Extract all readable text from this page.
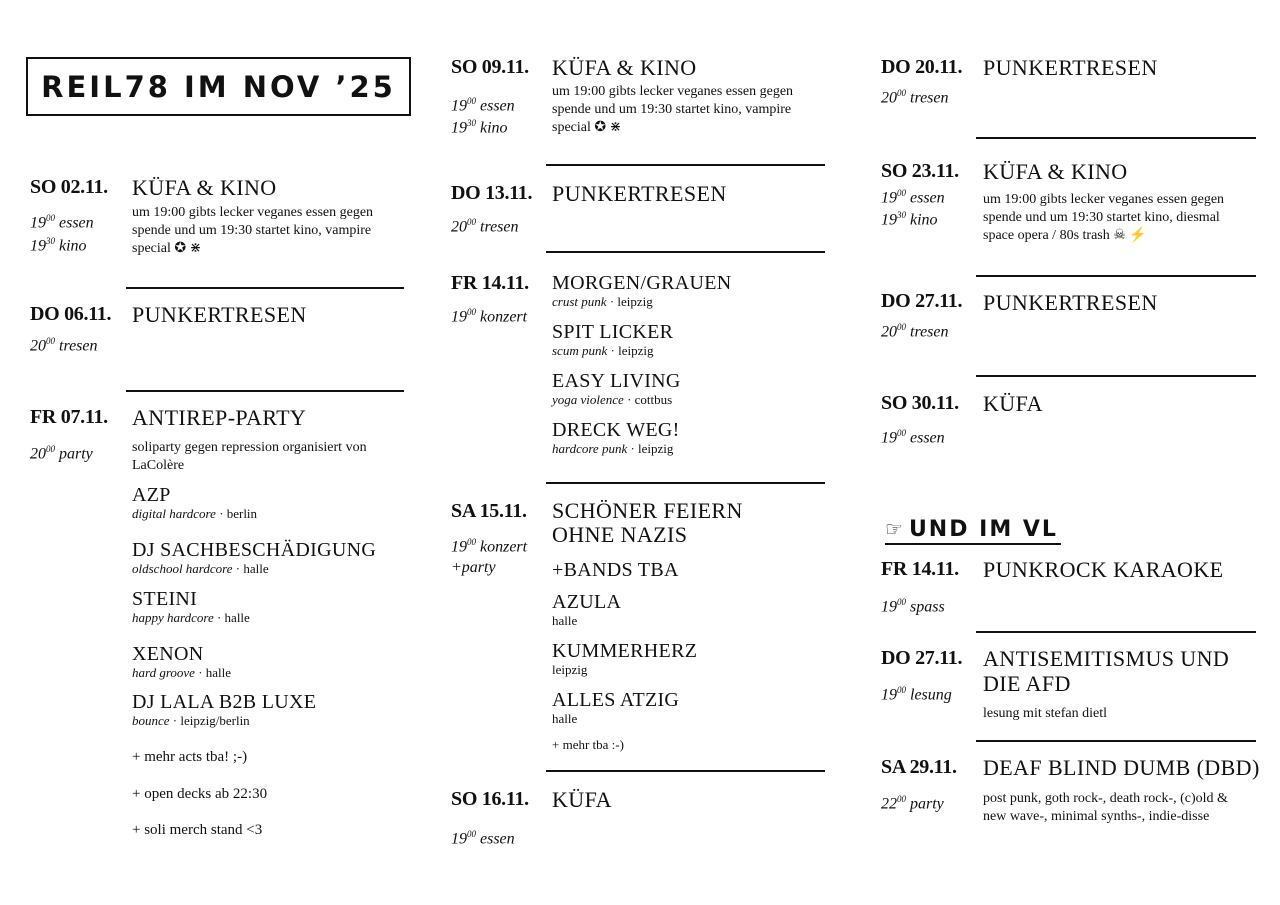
REIL78 IM NOV ’25
SO 02.11. KÜFA & KINO
$19^{00}$ essen
$19^{30}$ kino
um 19:00 gibts lecker veganes essen gegen spende und um 19:30 startet kino, vampire special ✪ ⋇
DO 06.11. PUNKERTRESEN
$20^{00}$ tresen
FR 07.11. ANTIREP-PARTY
$20^{00}$ party	soliparty gegen repression organisiert von LaColère
AZP
digital hardcore · berlin
DJ SACHBESCHÄDIGUNG
oldschool hardcore · halle
STEINI
happy hardcore · halle
XENON
hard groove · halle
DJ LALA B2B LUXE
bounce · leipzig/berlin
+ mehr acts tba! ;-)
+ open decks ab 22:30
+ soli merch stand <3
SO 09.11. KÜFA & KINO
$19^{00}$ essen
$19^{30}$ kino
um 19:00 gibts lecker veganes essen gegen spende und um 19:30 startet kino, vampire special ✪ ⋇
DO 13.11. PUNKERTRESEN
$20^{00}$ tresen
FR 14.11.
$19^{00}$ konzert
MORGEN/GRAUEN
crust punk · leipzig
SPIT LICKER
scum punk · leipzig
EASY LIVING
yoga violence · cottbus
DRECK WEG!
hardcore punk · leipzig
SA 15.11. SCHÖNER FEIERN
OHNE NAZIS
$19^{00}$ konzert
+party	+BANDS TBA
AZULA
halle
KUMMERHERZ
leipzig
ALLES ATZIG
halle
+ mehr tba :-)
SO 16.11. KÜFA
$19^{00}$ essen
DO 20.11. PUNKERTRESEN
$20^{00}$ tresen
SO 23.11. KÜFA & KINO
$19^{00}$ essen
$19^{30}$ kino
um 19:00 gibts lecker veganes essen gegen spende und um 19:30 startet kino, diesmal space opera / 80s trash ☠ ⚡
DO 27.11. PUNKERTRESEN
$20^{00}$ tresen
SO 30.11. KÜFA
$19^{00}$ essen
☞ UND IM VL
FR 14.11. PUNKROCK KARAOKE
$19^{00}$ spass
DO 27.11. ANTISEMITISMUS UND
DIE AFD
$19^{00}$ lesung
lesung mit stefan dietl
SA 29.11. DEAF BLIND DUMB (DBD)
$22^{00}$ party	post punk, goth rock-, death rock-, (c)old & new wave-, minimal synths-, indie-disse
